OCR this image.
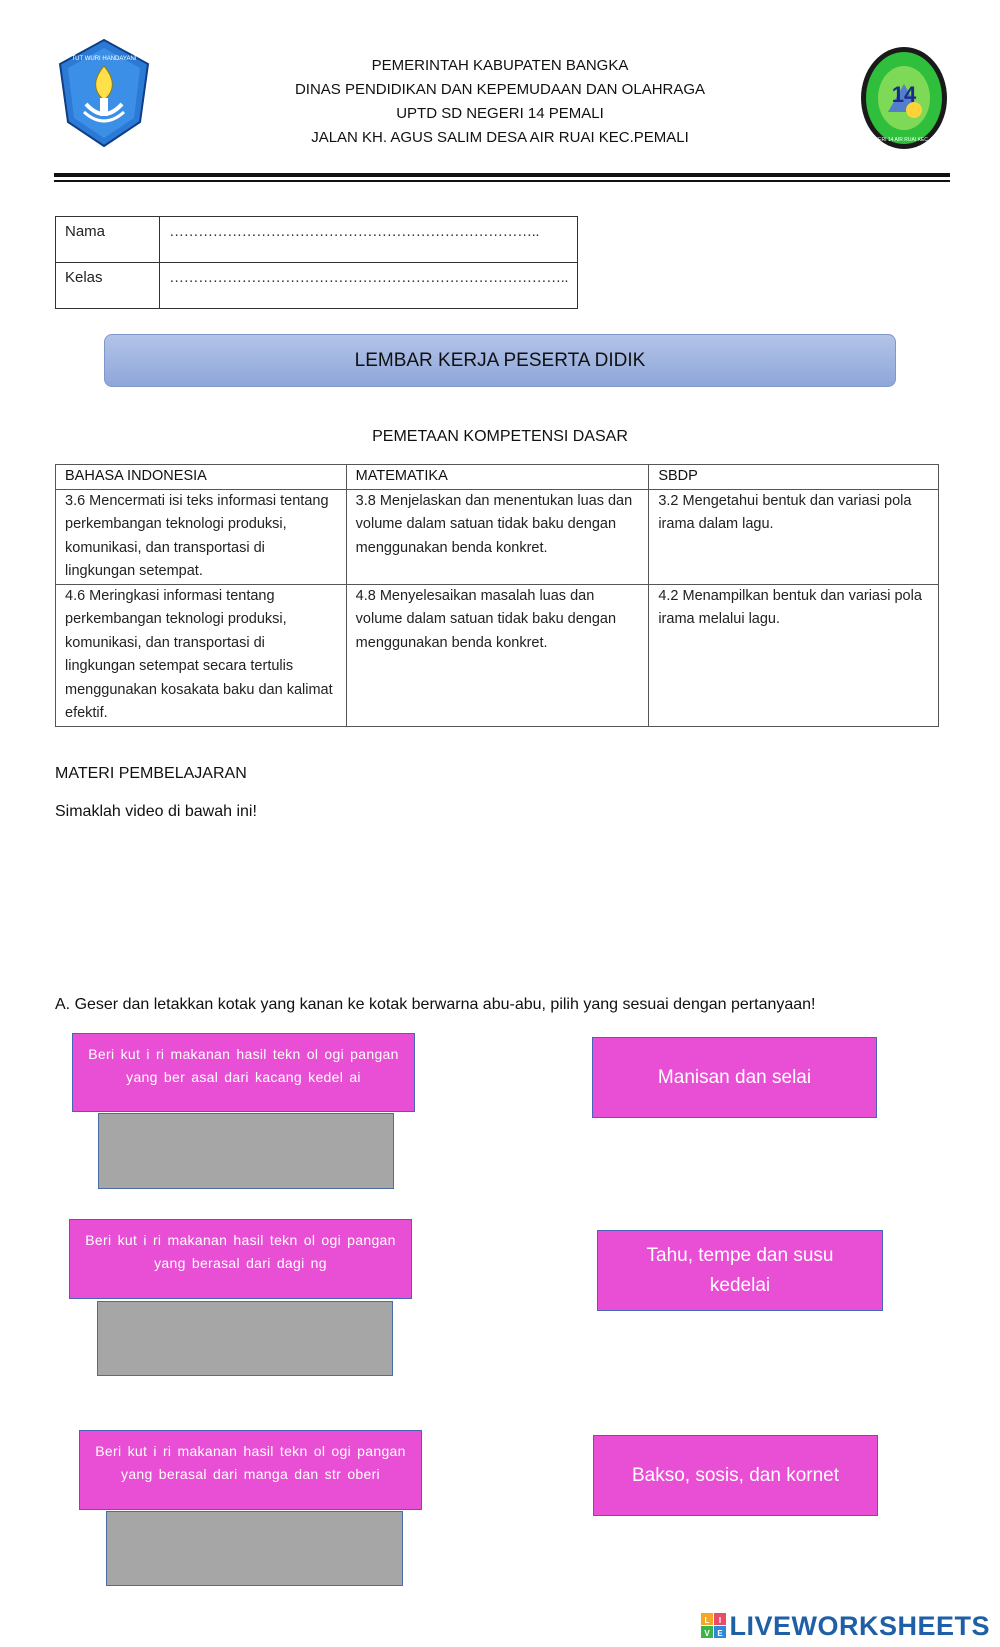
TUT WURI HANDAYANI
14
SD NEGERI 14 AIR RUAI KEC. PEMALI
PEMERINTAH KABUPATEN BANGKA
DINAS PENDIDIKAN DAN KEPEMUDAAN DAN OLAHRAGA
UPTD SD NEGERI 14 PEMALI
JALAN KH. AGUS SALIM DESA AIR RUAI KEC.PEMALI
Nama	…………………………………………………………………..
Kelas	………………………………………………………………………..
LEMBAR KERJA PESERTA DIDIK
PEMETAAN KOMPETENSI DASAR
BAHASA INDONESIA	MATEMATIKA	SBDP
3.6 Mencermati isi teks informasi tentang perkembangan teknologi produksi, komunikasi, dan transportasi di lingkungan setempat.	3.8 Menjelaskan dan menentukan luas dan volume dalam satuan tidak baku dengan menggunakan benda konkret.	3.2 Mengetahui bentuk dan variasi pola irama dalam lagu.
4.6 Meringkasi informasi tentang perkembangan teknologi produksi, komunikasi, dan transportasi di lingkungan setempat secara tertulis menggunakan kosakata baku dan kalimat efektif.	4.8 Menyelesaikan masalah luas dan volume dalam satuan tidak baku dengan menggunakan benda konkret.	4.2 Menampilkan bentuk dan variasi pola irama melalui lagu.
MATERI PEMBELAJARAN
Simaklah video di bawah ini!
A. Geser dan letakkan kotak yang kanan ke kotak berwarna abu-abu, pilih yang sesuai dengan pertanyaan!
Beri kut i ri makanan hasil tekn ol ogi pangan yang ber asal dari kacang kedel ai
Beri kut i ri makanan hasil tekn ol ogi pangan yang berasal dari dagi ng
Beri kut i ri makanan hasil tekn ol ogi pangan yang berasal dari manga dan str oberi
Manisan dan selai
Tahu, tempe dan susu kedelai
Bakso, sosis, dan kornet
L I
V E LIVEWORKSHEETS
